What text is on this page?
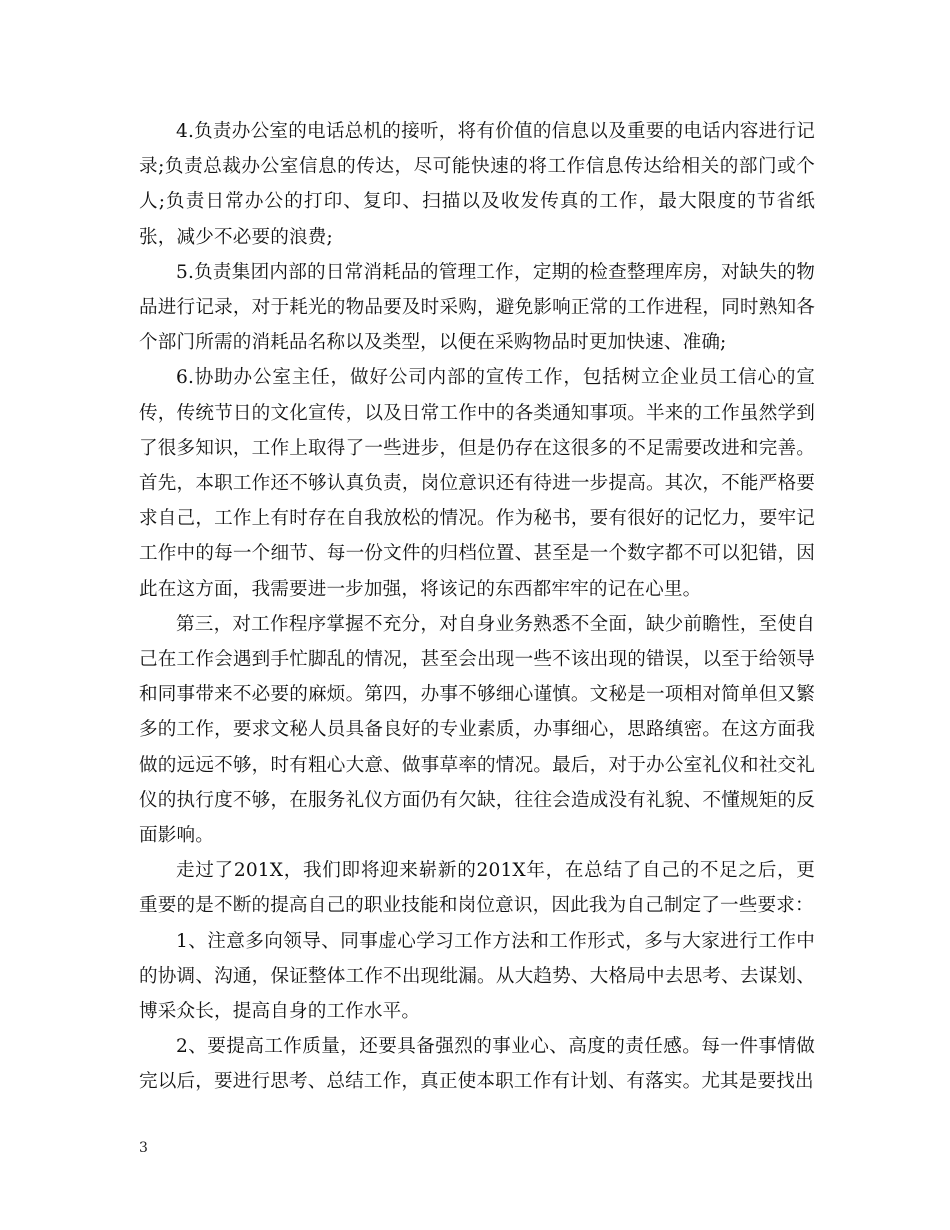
4.负责办公室的电话总机的接听，将有价值的信息以及重要的电话内容进行记录;负责总裁办公室信息的传达，尽可能快速的将工作信息传达给相关的部门或个人;负责日常办公的打印、复印、扫描以及收发传真的工作，最大限度的节省纸张，减少不必要的浪费;

5.负责集团内部的日常消耗品的管理工作，定期的检查整理库房，对缺失的物品进行记录，对于耗光的物品要及时采购，避免影响正常的工作进程，同时熟知各个部门所需的消耗品名称以及类型，以便在采购物品时更加快速、准确;

6.协助办公室主任，做好公司内部的宣传工作，包括树立企业员工信心的宣传，传统节日的文化宣传，以及日常工作中的各类通知事项。半来的工作虽然学到了很多知识，工作上取得了一些进步，但是仍存在这很多的不足需要改进和完善。首先，本职工作还不够认真负责，岗位意识还有待进一步提高。其次，不能严格要求自己，工作上有时存在自我放松的情况。作为秘书，要有很好的记忆力，要牢记工作中的每一个细节、每一份文件的归档位置、甚至是一个数字都不可以犯错，因此在这方面，我需要进一步加强，将该记的东西都牢牢的记在心里。

第三，对工作程序掌握不充分，对自身业务熟悉不全面，缺少前瞻性，至使自己在工作会遇到手忙脚乱的情况，甚至会出现一些不该出现的错误，以至于给领导和同事带来不必要的麻烦。第四，办事不够细心谨慎。文秘是一项相对简单但又繁多的工作，要求文秘人员具备良好的专业素质，办事细心，思路缜密。在这方面我做的远远不够，时有粗心大意、做事草率的情况。最后，对于办公室礼仪和社交礼仪的执行度不够，在服务礼仪方面仍有欠缺，往往会造成没有礼貌、不懂规矩的反面影响。

走过了201X，我们即将迎来崭新的201X年，在总结了自己的不足之后，更重要的是不断的提高自己的职业技能和岗位意识，因此我为自己制定了一些要求：

1、注意多向领导、同事虚心学习工作方法和工作形式，多与大家进行工作中的协调、沟通，保证整体工作不出现纰漏。从大趋势、大格局中去思考、去谋划、博采众长，提高自身的工作水平。

2、要提高工作质量，还要具备强烈的事业心、高度的责任感。每一件事情做完以后，要进行思考、总结工作，真正使本职工作有计划、有落实。尤其是要找出

3
